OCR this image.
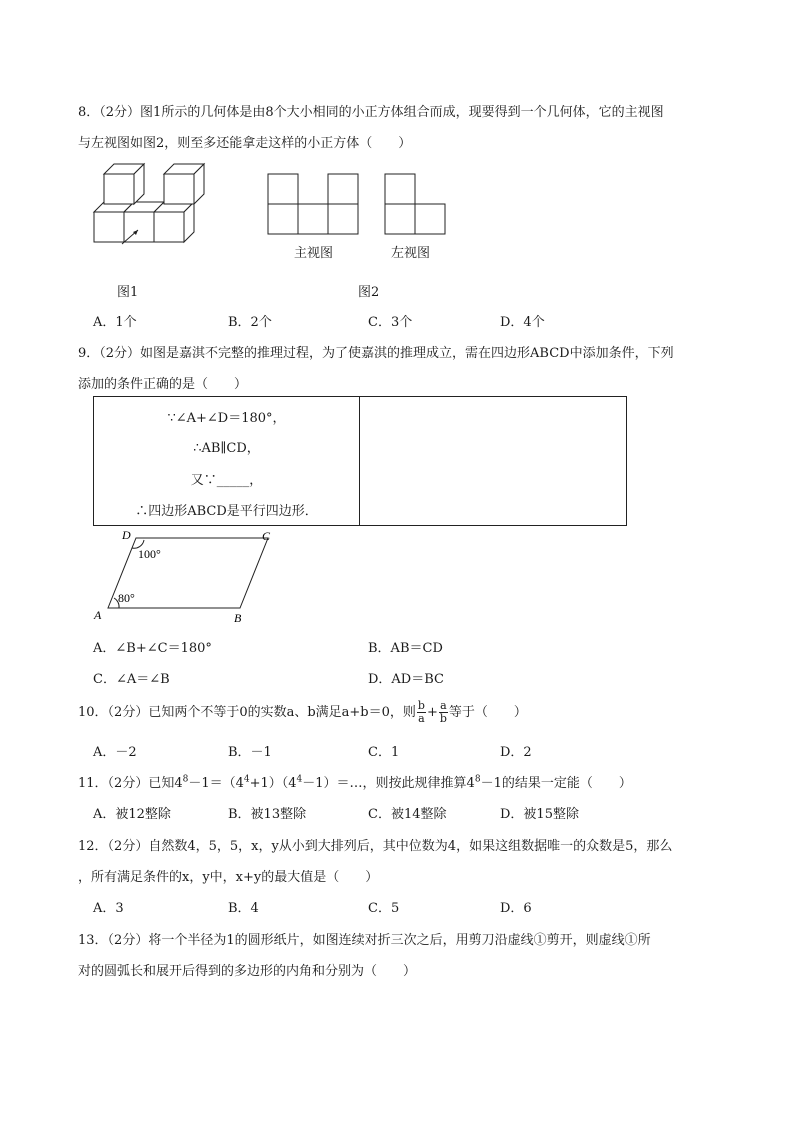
8．（2分）图1所示的几何体是由8个大小相同的小正方体组合而成，现要得到一个几何体，它的主视图
与左视图如图2，则至多还能拿走这样的小正方体（　　）
主视图	左视图
图1	图2
A．1个	B．2个	C．3个	D．4个
9．（2分）如图是嘉淇不完整的推理过程，为了使嘉淇的推理成立，需在四边形ABCD中添加条件，下列
添加的条件正确的是（　　）
∵∠A+∠D＝180°，
∴AB∥CD，
又∵_____，
∴四边形ABCD是平行四边形．
D	C
A	B
100°
80°
A．∠B+∠C＝180°	B．AB＝CD
C．∠A＝∠B	D．AD＝BC
10．（2分）已知两个不等于0的实数a、b满足a+b＝0，则 $\frac{b}{a} + \frac{a}{b}$ 等于（　　）
A．－2	B．－1	C．1	D．2
11．（2分）已知$4^8-1=(4^4+1)(4^4-1)=\dots$，则按此规律推算$4^8-1$的结果一定能（　　）
A．被12整除	B．被13整除	C．被14整除	D．被15整除
12．（2分）自然数4，5，5，x，y从小到大排列后，其中位数为4，如果这组数据唯一的众数是5，那么
，所有满足条件的x，y中，x+y的最大值是（　　）
A．3	B．4	C．5	D．6
13．（2分）将一个半径为1的圆形纸片，如图连续对折三次之后，用剪刀沿虚线①剪开，则虚线①所
对的圆弧长和展开后得到的多边形的内角和分别为（　　）
